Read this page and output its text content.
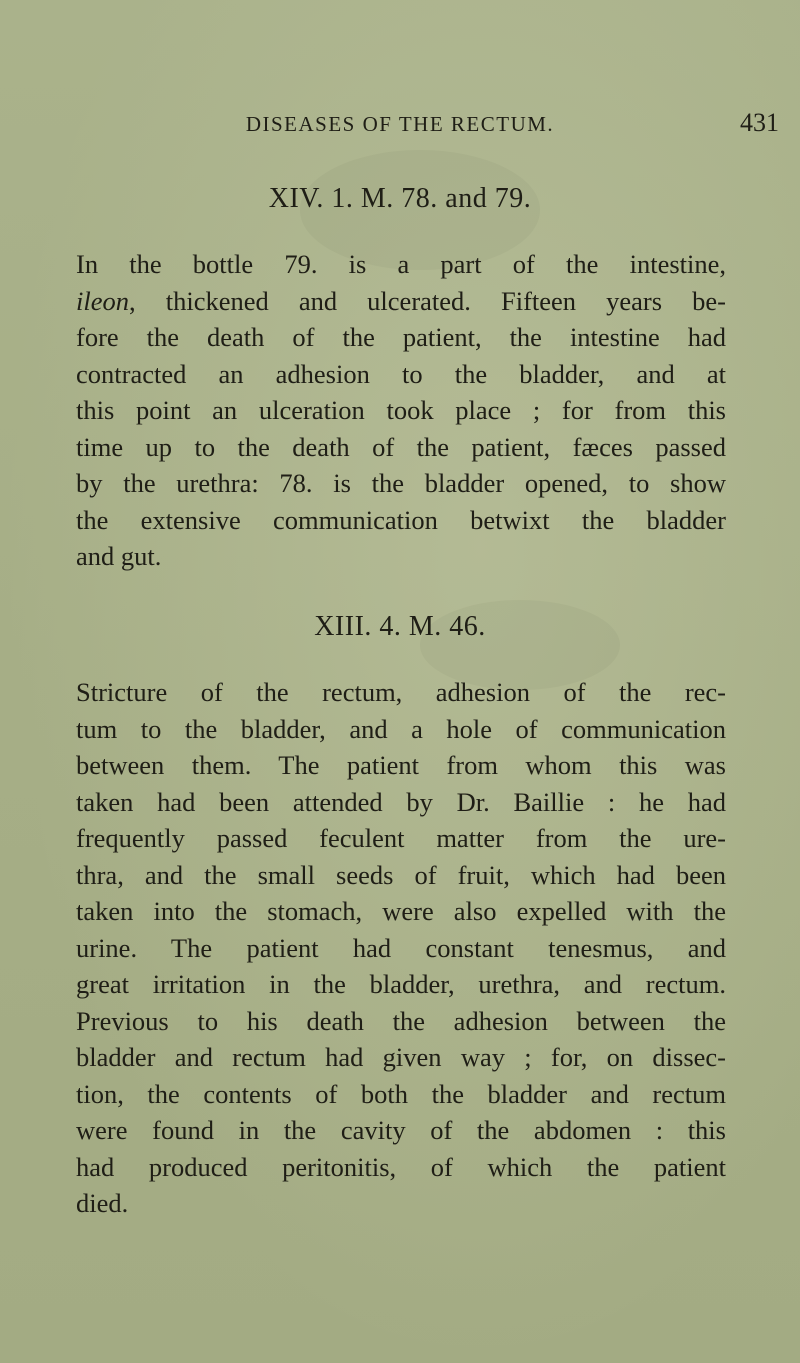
DISEASES OF THE RECTUM.	431
XIV. 1. M. 78. and 79.
In the bottle 79. is a part of the intestine,
ileon, thickened and ulcerated. Fifteen years be-
fore the death of the patient, the intestine had
contracted an adhesion to the bladder, and at
this point an ulceration took place ; for from this
time up to the death of the patient, fæces passed
by the urethra: 78. is the bladder opened, to show
the extensive communication betwixt the bladder
and gut.
XIII. 4. M. 46.
Stricture of the rectum, adhesion of the rec-
tum to the bladder, and a hole of communication
between them. The patient from whom this was
taken had been attended by Dr. Baillie : he had
frequently passed feculent matter from the ure-
thra, and the small seeds of fruit, which had been
taken into the stomach, were also expelled with the
urine. The patient had constant tenesmus, and
great irritation in the bladder, urethra, and rectum.
Previous to his death the adhesion between the
bladder and rectum had given way ; for, on dissec-
tion, the contents of both the bladder and rectum
were found in the cavity of the abdomen : this
had produced peritonitis, of which the patient
died.
